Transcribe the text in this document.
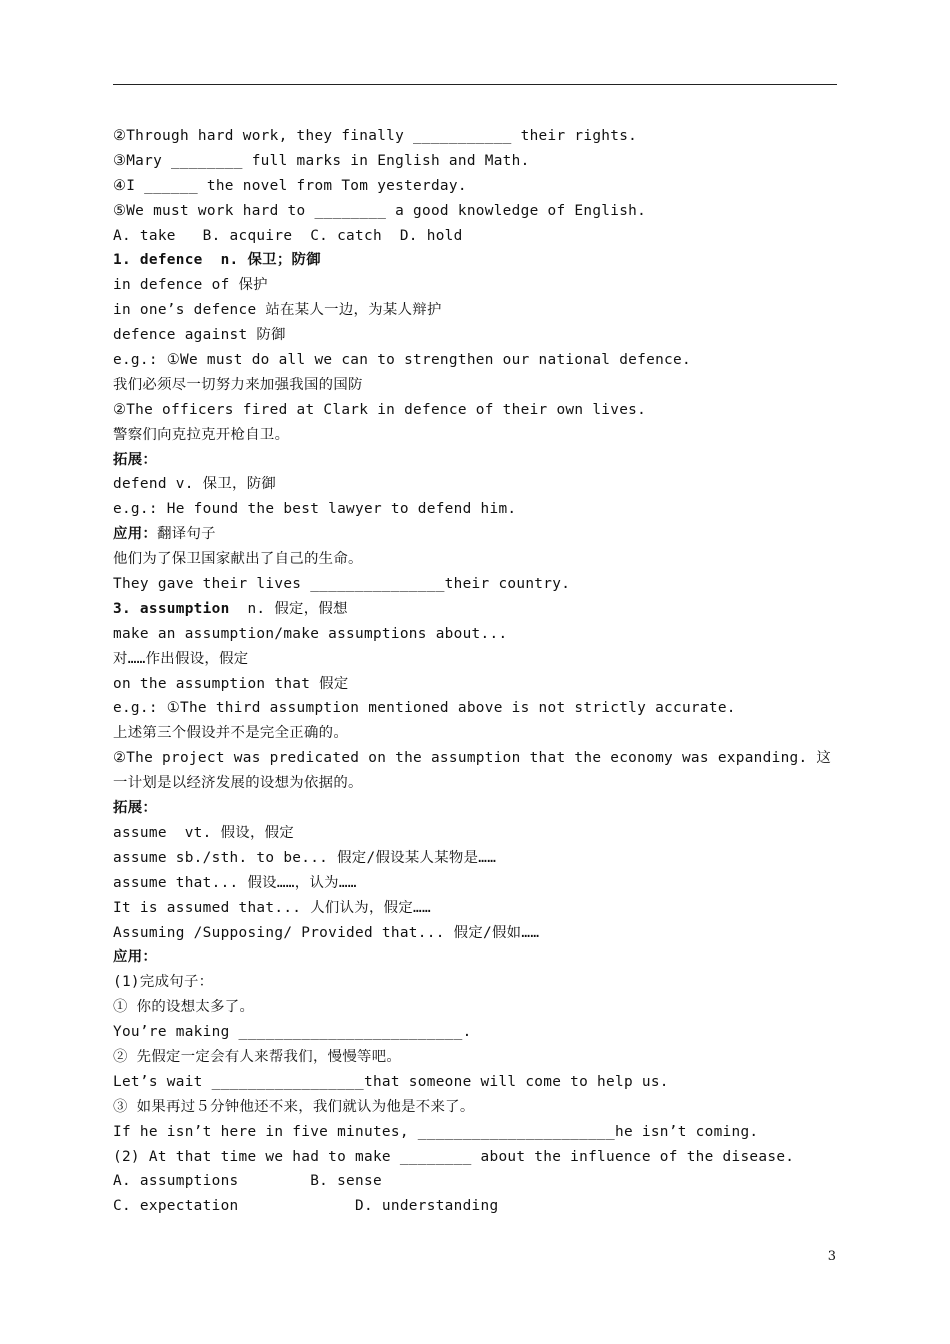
②Through hard work, they finally ___________ their rights.
③Mary ________ full marks in English and Math.
④I ______ the novel from Tom yesterday.
⑤We must work hard to ________ a good knowledge of English.
A. take   B. acquire  C. catch  D. hold
1. defence  n. 保卫；防御
in defence of 保护
in one’s defence 站在某人一边，为某人辩护
defence against 防御
e.g.: ①We must do all we can to strengthen our national defence.
我们必须尽一切努力来加强我国的国防
②The officers fired at Clark in defence of their own lives.
警察们向克拉克开枪自卫。
拓展：
defend v. 保卫，防御
e.g.: He found the best lawyer to defend him.
应用：翻译句子
他们为了保卫国家献出了自己的生命。
They gave their lives _______________their country.
3. assumption  n. 假定，假想
make an assumption/make assumptions about...
对……作出假设，假定
on the assumption that 假定
e.g.: ①The third assumption mentioned above is not strictly accurate.
上述第三个假设并不是完全正确的。
②The project was predicated on the assumption that the economy was expanding. 这一计划是以经济发展的设想为依据的。
拓展：
assume  vt. 假设，假定
assume sb./sth. to be... 假定/假设某人某物是……
assume that... 假设……，认为……
It is assumed that... 人们认为，假定……
Assuming /Supposing/ Provided that... 假定/假如……
应用：
(1)完成句子：
① 你的设想太多了。
You’re making _________________________.
② 先假定一定会有人来帮我们，慢慢等吧。
Let’s wait _________________that someone will come to help us.
③ 如果再过５分钟他还不来，我们就认为他是不来了。
If he isn’t here in five minutes, ______________________he isn’t coming.
(2) At that time we had to make ________ about the influence of the disease.
A. assumptions        B. sense
C. expectation             D. understanding
3
